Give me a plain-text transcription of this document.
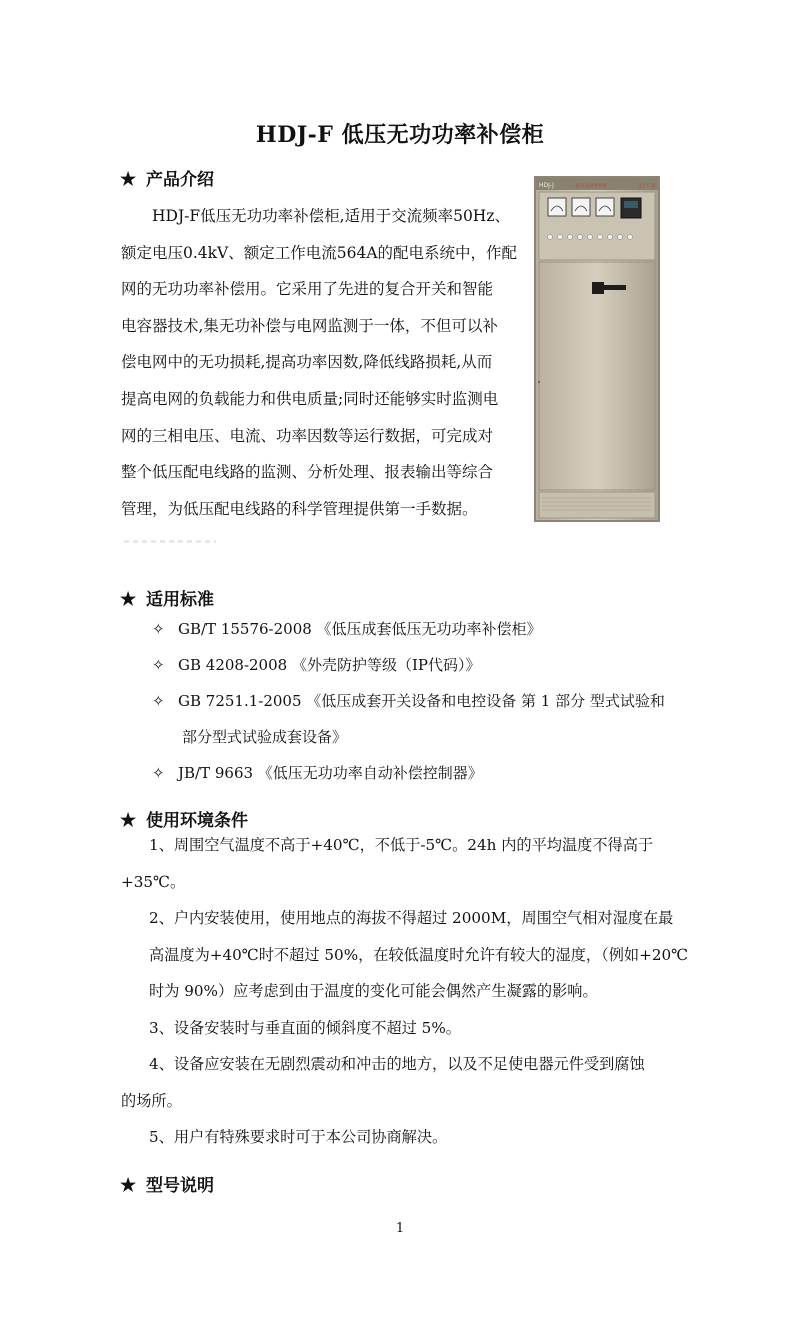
HDJ-F 低压无功功率补偿柜
★ 产品介绍

　　HDJ-F低压无功功率补偿柜,适用于交流频率50Hz、

额定电压0.4kV、额定工作电流564A的配电系统中，作配

网的无功功率补偿用。它采用了先进的复合开关和智能

电容器技术,集无功补偿与电网监测于一体，不但可以补

偿电网中的无功损耗,提高功率因数,降低线路损耗,从而

提高电网的负载能力和供电质量;同时还能够实时监测电

网的三相电压、电流、功率因数等运行数据，可完成对

整个低压配电线路的监测、分析处理、报表输出等综合

管理，为低压配电线路的科学管理提供第一手数据。

HDJ-J	低压无功补偿柜	生产厂家
★ 适用标准
✧ GB/T 15576-2008 《低压成套低压无功功率补偿柜》
✧ GB 4208-2008 《外壳防护等级（IP代码）》
✧ GB 7251.1-2005 《低压成套开关设备和电控设备 第 1 部分 型式试验和
部分型式试验成套设备》
✧ JB/T 9663 《低压无功功率自动补偿控制器》
★ 使用环境条件
1、周围空气温度不高于+40℃，不低于-5℃。24h 内的平均温度不得高于
+35℃。
2、户内安装使用，使用地点的海拔不得超过 2000M，周围空气相对湿度在最
高温度为+40℃时不超过 50%，在较低温度时允许有较大的湿度，（例如+20℃
时为 90%）应考虑到由于温度的变化可能会偶然产生凝露的影响。
3、设备安装时与垂直面的倾斜度不超过 5%。
4、设备应安装在无剧烈震动和冲击的地方，以及不足使电器元件受到腐蚀
的场所。
5、用户有特殊要求时可于本公司协商解决。
★ 型号说明
1
